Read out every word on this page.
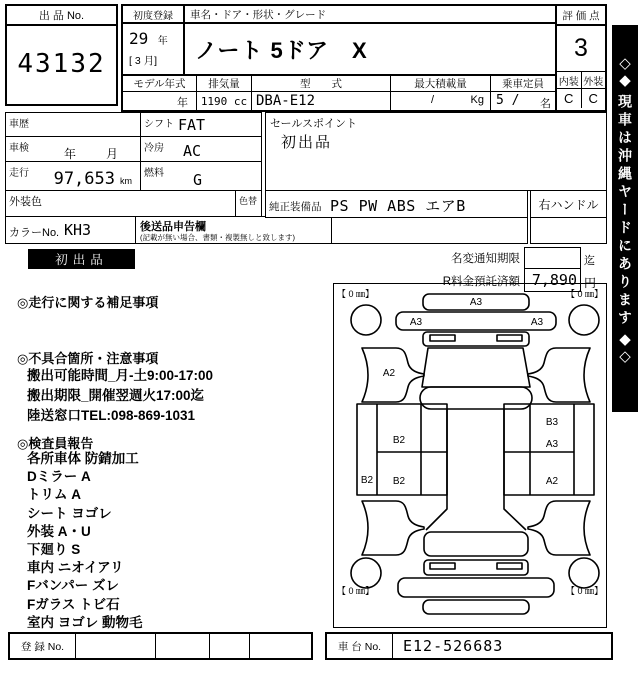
出 品 No.
43132
初度登録
29 年
[ 3 月]
車名・ドア・形状・グレード
ノート 5ドア　X
モデル年式
年
排気量
1190 cc
型　　式
DBA-E12
最大積載量
/	Kg
乗車定員
5 / 名
評 価 点
3
内装 外装
C	C
◇
◆
現車は沖縄ヤードにあります
◆
◇
車歴	シフト FAT
車検	年 月	冷房 AC
走行 97,653 km
燃料 G
外装色	色替
カラーNo. KH3	後送品申告欄
(記載が無い場合、書類・複製無しと致します)
セールスポイント
初出品
純正装備品 PS PW ABS エアB	右ハンドル
初出品	名変通知期限	迄
R料金預託済額 7,890 円
◎走行に関する補足事項
◎不具合箇所・注意事項
搬出可能時間_月-土9:00-17:00
搬出期限_開催翌週火17:00迄
陸送窓口TEL:098-869-1031
◎検査員報告
各所車体 防錆加工
Dミラー A
トリム A
シート ヨゴレ
外装 A・U
下廻り S
車内 ニオイアリ
Fバンパー ズレ
Fガラス トビ石
室内 ヨゴレ 動物毛
A3
A3	A3
A2
B2
B2
B2
B3
A3
A2
【 0 ㎜】	【 0 ㎜】
【 0 ㎜】	【 0 ㎜】
登 録 No.	車 台 No.	E12-526683
